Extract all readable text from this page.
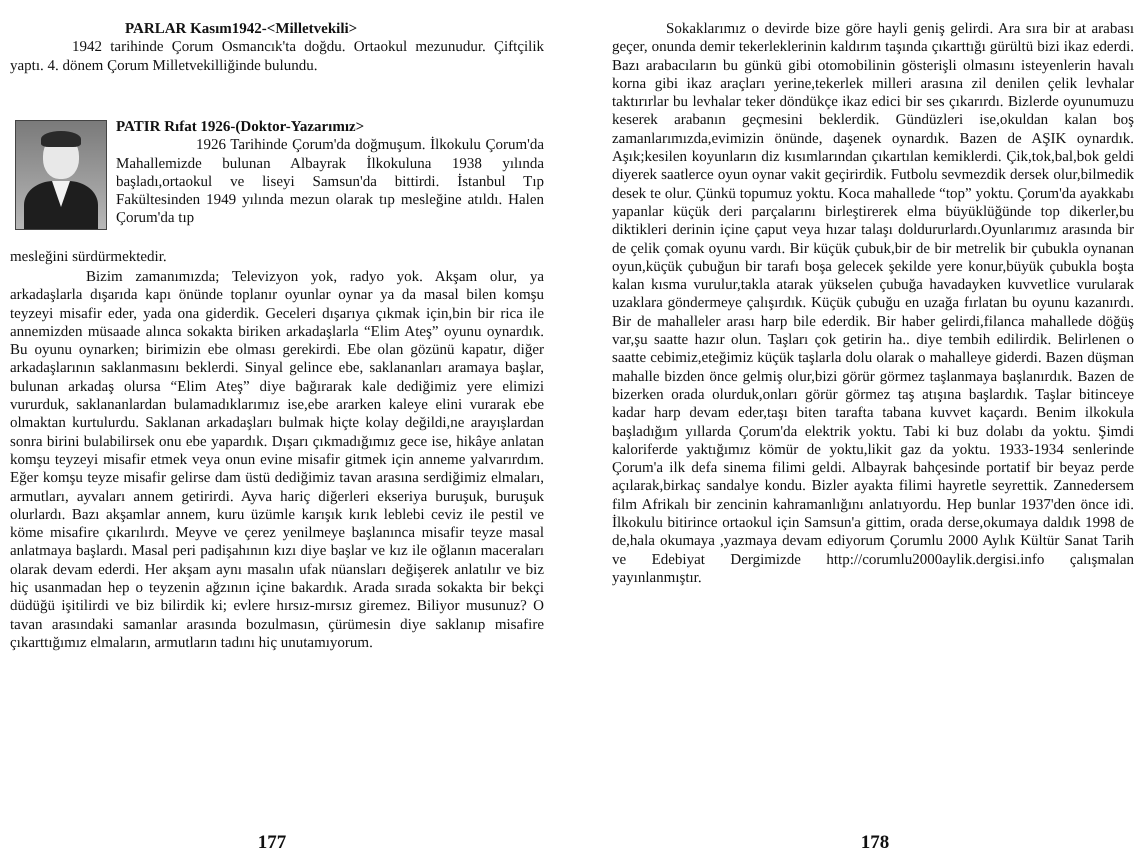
PARLAR Kasım1942-<Milletvekili>

1942 tarihinde Çorum Osmancık'ta doğdu. Ortaokul mezunudur. Çiftçilik yaptı. 4. dönem Çorum Milletvekilliğinde bulundu.

PATIR Rıfat 1926-(Doktor-Yazarımız>

1926 Tarihinde Çorum'da doğmuşum. İlkokulu Çorum'da Mahallemizde bulunan Albayrak İlkokuluna 1938 yılında başladı,ortaokul ve liseyi Samsun'da bittirdi. İstanbul Tıp Fakültesinden 1949 yılında mezun olarak tıp mesleğine atıldı. Halen Çorum'da tıp

mesleğini sürdürmektedir.

Bizim zamanımızda; Televizyon yok, radyo yok. Akşam olur, ya arkadaşlarla dışarıda kapı önünde toplanır oyunlar oynar ya da masal bilen komşu teyzeyi misafir eder, yada ona giderdik. Geceleri dışarıya çıkmak için,bin bir rica ile annemizden müsaade alınca sokakta biriken arkadaşlarla “Elim Ateş” oyunu oynardık. Bu oyunu oynarken; birimizin ebe olması gerekirdi. Ebe olan gözünü kapatır, diğer arkadaşlarının saklanmasını beklerdi. Sinyal gelince ebe, saklananları aramaya başlar, bulunan arkadaş olursa “Elim Ateş” diye bağırarak kale dediğimiz yere elimizi vururduk, saklananlardan bulamadıklarımız ise,ebe ararken kaleye elini vurarak ebe olmaktan kurtulurdu. Saklanan arkadaşları bulmak hiçte kolay değildi,ne arayışlardan sonra birini bulabilirsek onu ebe yapardık. Dışarı çıkmadığımız gece ise, hikâye anlatan komşu teyzeyi misafir etmek veya onun evine misafir gitmek için anneme yalvarırdım. Eğer komşu teyze misafir gelirse dam üstü dediğimiz tavan arasına serdiğimiz elmaları, armutları, ayvaları annem getirirdi. Ayva hariç diğerleri ekseriya buruşuk, buruşuk olurlardı. Bazı akşamlar annem, kuru üzümle karışık kırık leblebi ceviz ile pestil ve köme misafire çıkarılırdı. Meyve ve çerez yenilmeye başlanınca misafir teyze masal anlatmaya başlardı. Masal peri padişahının kızı diye başlar ve kız ile oğlanın maceraları olarak devam ederdi. Her akşam aynı masalın ufak nüansları değişerek anlatılır ve biz hiç usanmadan hep o teyzenin ağzının içine bakardık. Arada sırada sokakta bir bekçi düdüğü işitilirdi ve biz bilirdik ki; evlere hırsız-mırsız giremez. Biliyor musunuz? O tavan arasındaki samanlar arasında bozulmasın, çürümesin diye saklanıp misafire çıkarttığımız elmaların, armutların tadını hiç unutamıyorum.

177

Sokaklarımız o devirde bize göre hayli geniş gelirdi. Ara sıra bir at arabası geçer, onunda demir tekerleklerinin kaldırım taşında çıkarttığı gürültü bizi ikaz ederdi. Bazı arabacıların bu günkü gibi otomobilinin gösterişli olmasını isteyenlerin havalı korna gibi ikaz araçları yerine,tekerlek milleri arasına zil denilen çelik levhalar taktırırlar bu levhalar teker döndükçe ikaz edici bir ses çıkarırdı. Bizlerde oyunumuzu keserek arabanın geçmesini beklerdik. Gündüzleri ise,okuldan kalan boş zamanlarımızda,evimizin önünde, daşenek oynardık. Bazen de AŞIK oynardık. Aşık;kesilen koyunların diz kısımlarından çıkartılan kemiklerdi. Çik,tok,bal,bok geldi diyerek saatlerce oyun oynar vakit geçirirdik. Futbolu sevmezdik dersek olur,bilmedik desek te olur. Çünkü topumuz yoktu. Koca mahallede “top” yoktu. Çorum'da ayakkabı yapanlar küçük deri parçalarını birleştirerek elma büyüklüğünde top dikerler,bu diktikleri derinin içine çaput veya hızar talaşı doldururlardı.Oyunlarımız arasında bir de çelik çomak oyunu vardı. Bir küçük çubuk,bir de bir metrelik bir çubukla oynanan oyun,küçük çubuğun bir tarafı boşa gelecek şekilde yere konur,büyük çubukla boşta kalan kısma vurulur,takla atarak yükselen çubuğa havadayken kuvvetlice vurularak uzaklara göndermeye çalışırdık. Küçük çubuğu en uzağa fırlatan bu oyunu kazanırdı. Bir de mahalleler arası harp bile ederdik. Bir haber gelirdi,filanca mahallede döğüş var,şu saatte hazır olun. Taşları çok getirin ha.. diye tembih edilirdik. Belirlenen o saatte cebimiz,eteğimiz küçük taşlarla dolu olarak o mahalleye giderdi. Bazen düşman mahalle bizden önce gelmiş olur,bizi görür görmez taşlanmaya başlanırdık. Bazen de bizerken orada olurduk,onları görür görmez taş atışına başlardık. Taşlar bitinceye kadar harp devam eder,taşı biten tarafta tabana kuvvet kaçardı. Benim ilkokula başladığım yıllarda Çorum'da elektrik yoktu. Tabi ki buz dolabı da yoktu. Şimdi kaloriferde yaktığımız kömür de yoktu,likit gaz da yoktu. 1933-1934 senlerinde Çorum'a ilk defa sinema filimi geldi. Albayrak bahçesinde portatif bir beyaz perde açılarak,birkaç sandalye kondu. Bizler ayakta filimi hayretle seyrettik. Zannedersem film Afrikalı bir zencinin kahramanlığını anlatıyordu. Hep bunlar 1937'den önce idi. İlkokulu bitirince ortaokul için Samsun'a gittim, orada derse,okumaya daldık 1998 de de,hala okumaya ,yazmaya devam ediyorum Çorumlu 2000 Aylık Kültür Sanat Tarih ve Edebiyat Dergimizde http://corumlu2000aylik.dergisi.info çalışmalan yayınlanmıştır.

178
